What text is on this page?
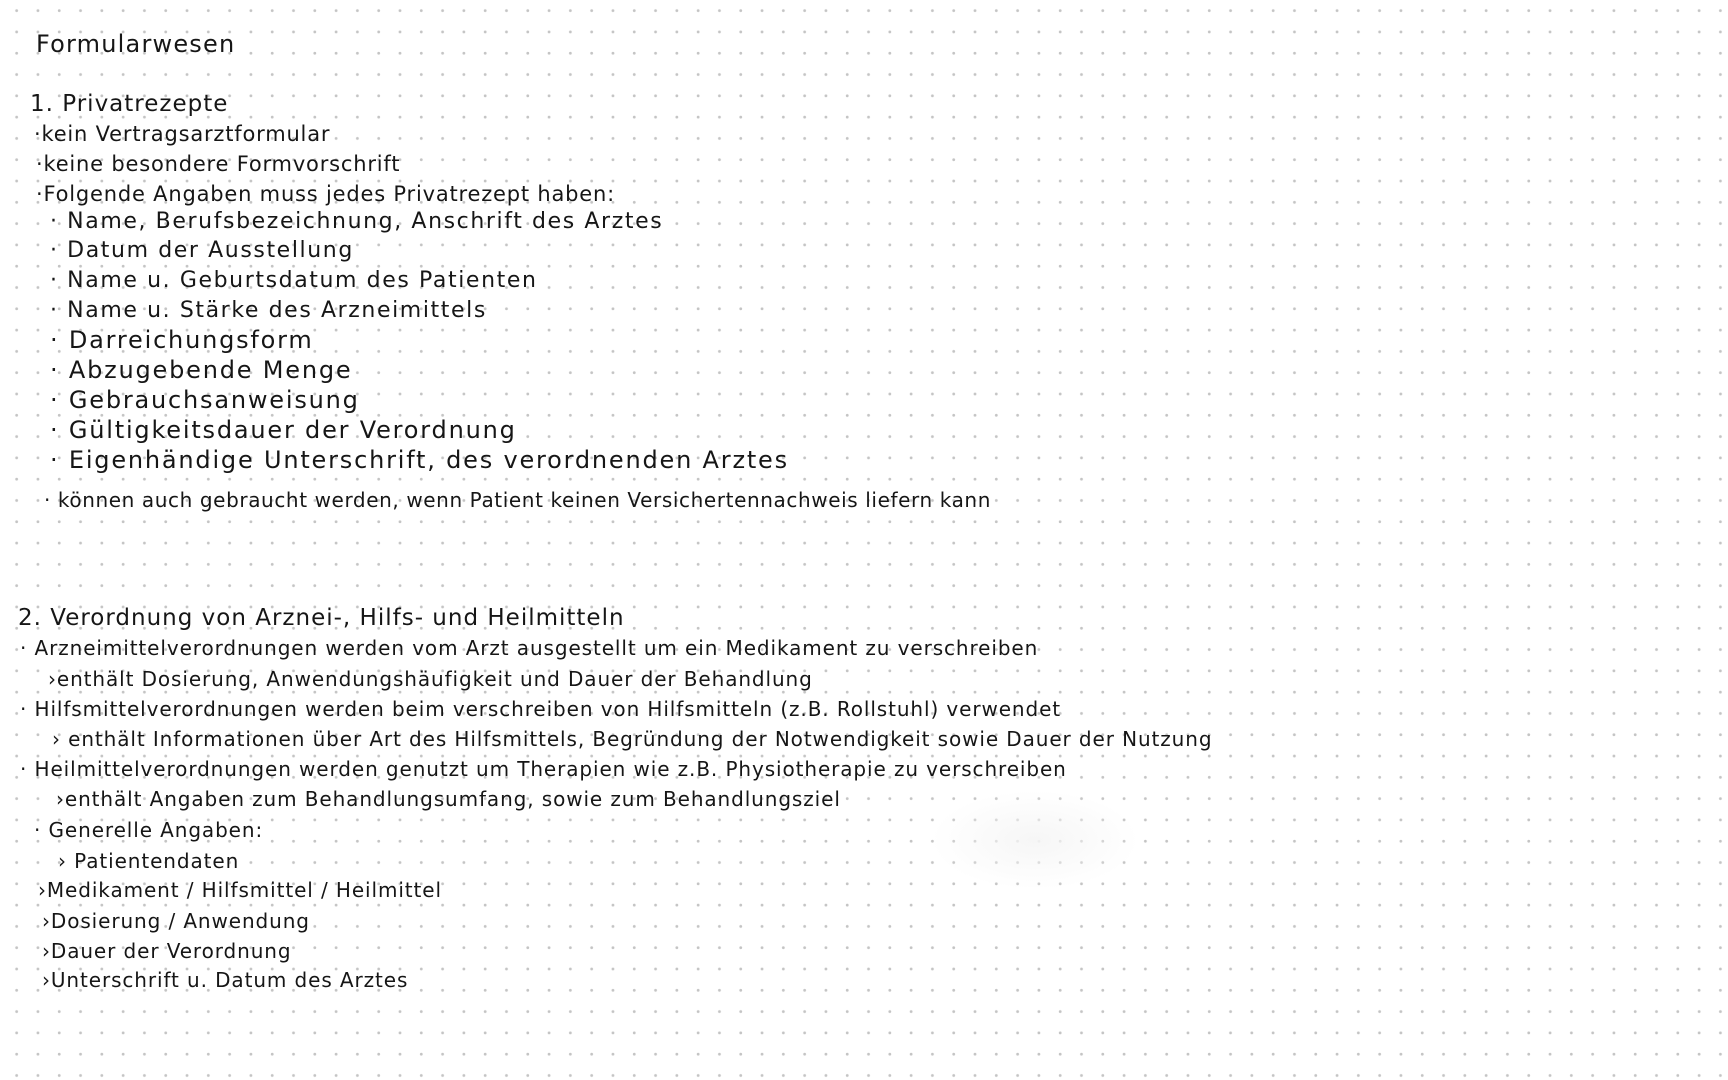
Formularwesen
1. Privatrezepte
·kein Vertragsarztformular
·keine besondere Formvorschrift
·Folgende Angaben muss jedes Privatrezept haben:
· Name, Berufsbezeichnung, Anschrift des Arztes
· Datum der Ausstellung
· Name u. Geburtsdatum des Patienten
· Name u. Stärke des Arzneimittels
· Darreichungsform
· Abzugebende Menge
· Gebrauchsanweisung
· Gültigkeitsdauer der Verordnung
· Eigenhändige Unterschrift, des verordnenden Arztes
· können auch gebraucht werden, wenn Patient keinen Versichertennachweis liefern kann
2. Verordnung von Arznei-, Hilfs- und Heilmitteln
· Arzneimittelverordnungen werden vom Arzt ausgestellt um ein Medikament zu verschreiben
›enthält Dosierung, Anwendungshäufigkeit und Dauer der Behandlung
· Hilfsmittelverordnungen werden beim verschreiben von Hilfsmitteln (z.B. Rollstuhl) verwendet
› enthält Informationen über Art des Hilfsmittels, Begründung der Notwendigkeit sowie Dauer der Nutzung
· Heilmittelverordnungen werden genutzt um Therapien wie z.B. Physiotherapie zu verschreiben
›enthält Angaben zum Behandlungsumfang, sowie zum Behandlungsziel
· Generelle Angaben:
› Patientendaten
›Medikament / Hilfsmittel / Heilmittel
›Dosierung / Anwendung
›Dauer der Verordnung
›Unterschrift u. Datum des Arztes
